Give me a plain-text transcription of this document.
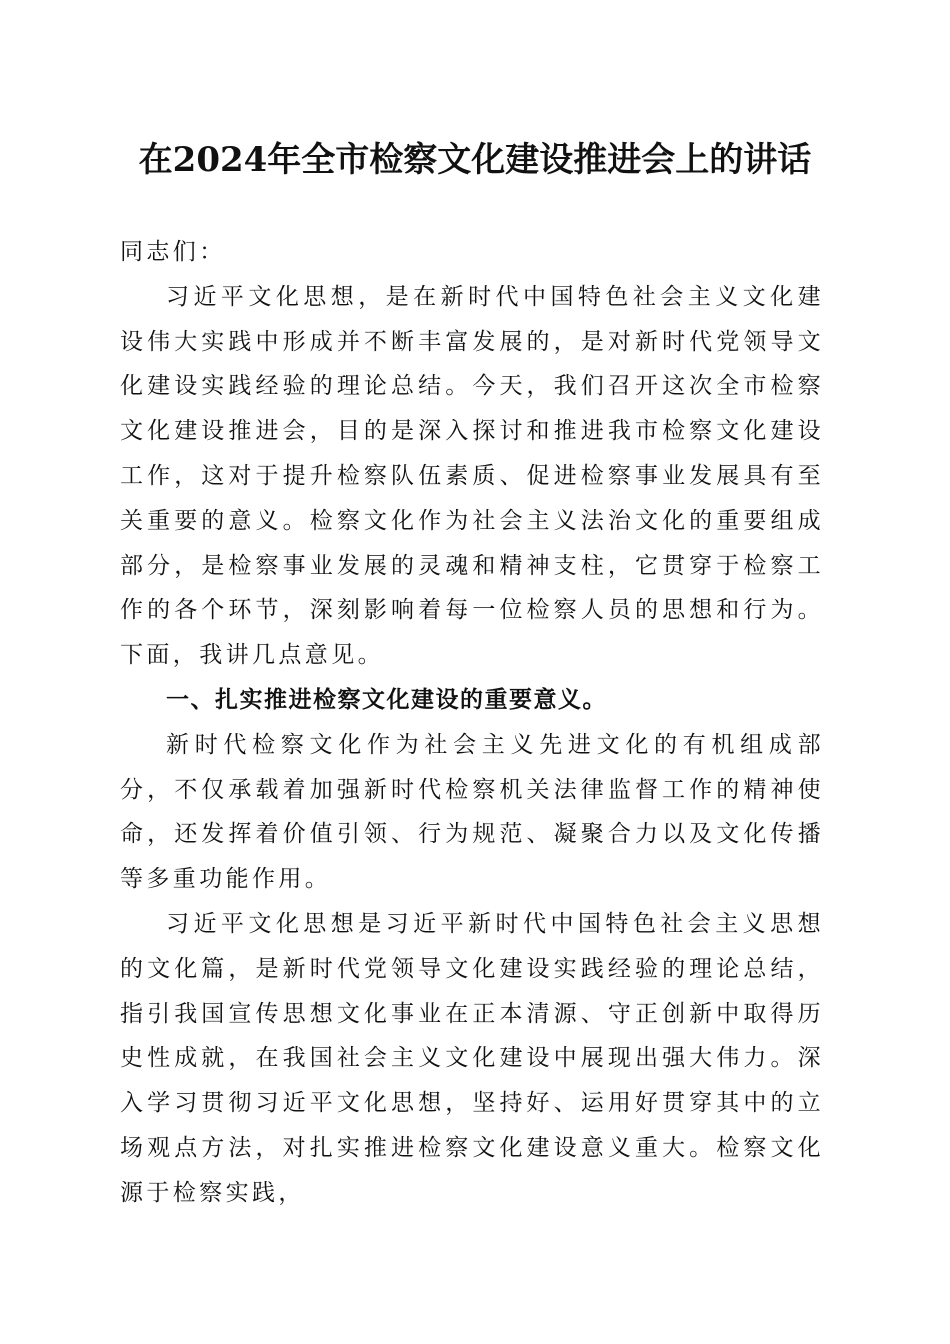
在2024年全市检察文化建设推进会上的讲话

同志们：

习近平文化思想，是在新时代中国特色社会主义文化建设伟大实践中形成并不断丰富发展的，是对新时代党领导文化建设实践经验的理论总结。今天，我们召开这次全市检察文化建设推进会，目的是深入探讨和推进我市检察文化建设工作，这对于提升检察队伍素质、促进检察事业发展具有至关重要的意义。检察文化作为社会主义法治文化的重要组成部分，是检察事业发展的灵魂和精神支柱，它贯穿于检察工作的各个环节，深刻影响着每一位检察人员的思想和行为。下面，我讲几点意见。

一、扎实推进检察文化建设的重要意义。

新时代检察文化作为社会主义先进文化的有机组成部分，不仅承载着加强新时代检察机关法律监督工作的精神使命，还发挥着价值引领、行为规范、凝聚合力以及文化传播等多重功能作用。

习近平文化思想是习近平新时代中国特色社会主义思想的文化篇，是新时代党领导文化建设实践经验的理论总结，指引我国宣传思想文化事业在正本清源、守正创新中取得历史性成就，在我国社会主义文化建设中展现出强大伟力。深入学习贯彻习近平文化思想，坚持好、运用好贯穿其中的立场观点方法，对扎实推进检察文化建设意义重大。检察文化源于检察实践，
